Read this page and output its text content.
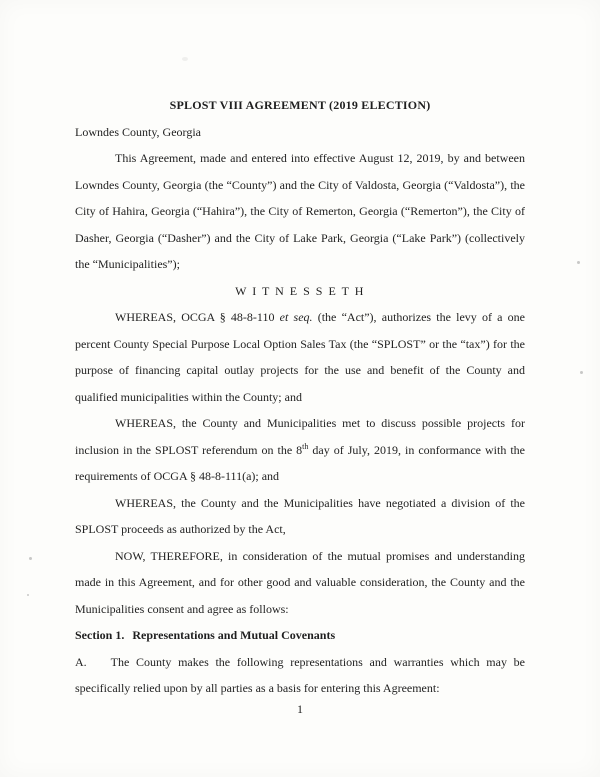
SPLOST VIII AGREEMENT (2019 ELECTION)

Lowndes County, Georgia

This Agreement, made and entered into effective August 12, 2019, by and between Lowndes County, Georgia (the “County”) and the City of Valdosta, Georgia (“Valdosta”), the City of Hahira, Georgia (“Hahira”), the City of Remerton, Georgia (“Remerton”), the City of Dasher, Georgia (“Dasher”) and the City of Lake Park, Georgia (“Lake Park”) (collectively the “Municipalities”);

W I T N E S S E T H

WHEREAS, OCGA § 48-8-110 et seq. (the “Act”), authorizes the levy of a one percent County Special Purpose Local Option Sales Tax (the “SPLOST” or the “tax”) for the purpose of financing capital outlay projects for the use and benefit of the County and qualified municipalities within the County; and

WHEREAS, the County and Municipalities met to discuss possible projects for inclusion in the SPLOST referendum on the 8th day of July, 2019, in conformance with the requirements of OCGA § 48-8-111(a); and

WHEREAS, the County and the Municipalities have negotiated a division of the SPLOST proceeds as authorized by the Act,

NOW, THEREFORE, in consideration of the mutual promises and understanding made in this Agreement, and for other good and valuable consideration, the County and the Municipalities consent and agree as follows:

Section 1. Representations and Mutual Covenants

A. The County makes the following representations and warranties which may be specifically relied upon by all parties as a basis for entering this Agreement:

1
